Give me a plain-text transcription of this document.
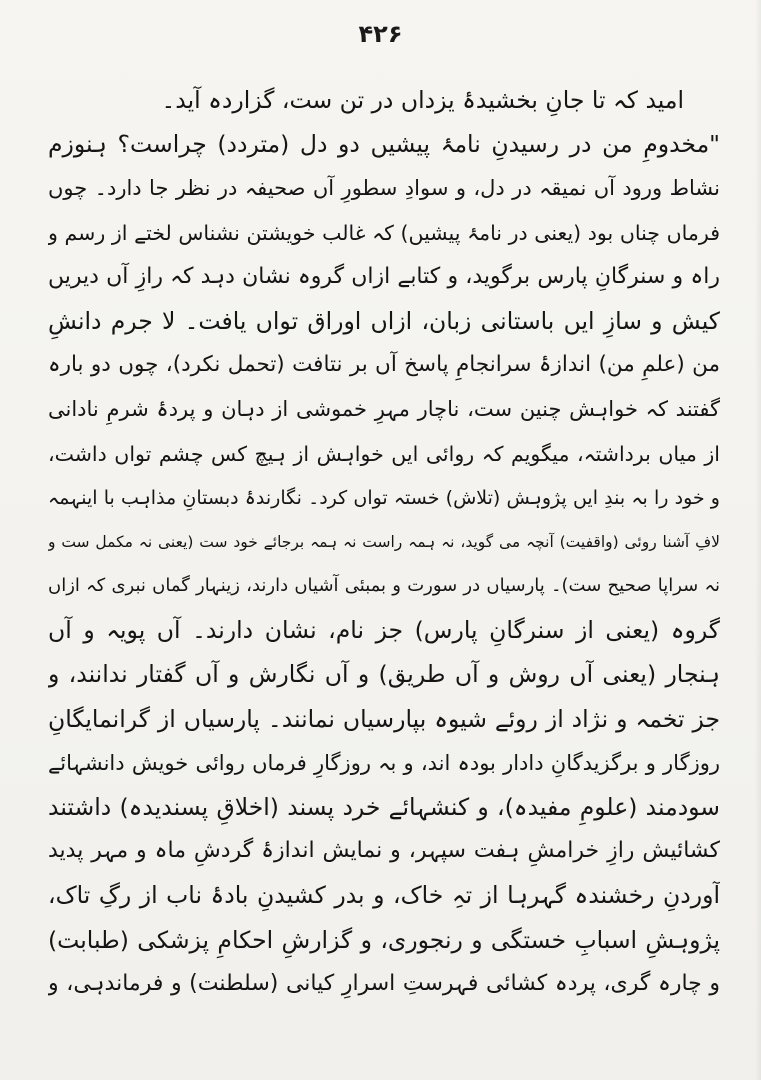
۴۲۶
امید کہ تا جانِ بخشیدۂ یزداں در تن ست، گزاردہ آید۔
"مخدومِ من در رسیدنِ نامۂ پیشیں دو دل (متردد) چراست؟ ہنوزم
نشاط ورود آں نمیقہ در دل، و سوادِ سطورِ آں صحیفہ در نظر جا دارد۔ چوں
فرماں چناں بود (یعنی در نامۂ پیشیں) کہ غالب خویشتن نشناس لختے از رسم و
راہ و سنرگانِ پارس برگوید، و کتابے ازاں گروہ نشان دہد کہ رازِ آں دیریں
کیش و سازِ ایں باستانی زبان، ازاں اوراق تواں یافت۔ لا جرم دانشِ
من (علمِ من) اندازۂ سرانجامِ پاسخ آں بر نتافت (تحمل نکرد)، چوں دو بارہ
گفتند کہ خواہش چنین ست، ناچار مہرِ خموشی از دہان و پردۂ شرمِ نادانی
از میاں برداشتہ، میگویم کہ روائی ایں خواہش از ہیچ کس چشم تواں داشت،
و خود را بہ بندِ ایں پژوہش (تلاش) خستہ تواں کرد۔ نگارندۂ دبستانِ مذاہب با اینہمہ
لافِ آشنا روئی (واقفیت) آنچہ می گوید، نہ ہمہ راست نہ ہمہ برجائے خود ست (یعنی نہ مکمل ست و
نہ سراپا صحیح ست)۔ پارسیاں در سورت و بمبئی آشیاں دارند، زینہار گماں نبری کہ ازاں
گروہ (یعنی از سنرگانِ پارس) جز نام، نشان دارند۔ آں پویہ و آں
ہنجار (یعنی آں روش و آں طریق) و آں نگارش و آں گفتار ندانند، و
جز تخمہ و نژاد از روئے شیوہ بپارسیاں نمانند۔ پارسیاں از گرانمایگانِ
روزگار و برگزیدگانِ دادار بودہ اند، و بہ روزگارِ فرماں روائی خویش دانشہائے
سودمند (علومِ مفیدہ)، و کنشہائے خرد پسند (اخلاقِ پسندیدہ) داشتند
کشائیش رازِ خرامشِ ہفت سپہر، و نمایش اندازۂ گردشِ ماہ و مہر پدید
آوردنِ رخشندہ گہرہا از تہِ خاک، و بدر کشیدنِ بادۂ ناب از رگِ تاک،
پژوہشِ اسبابِ خستگی و رنجوری، و گزارشِ احکامِ پزشکی (طبابت)
و چارہ گری، پردہ کشائی فہرستِ اسرارِ کیانی (سلطنت) و فرماندہی، و
